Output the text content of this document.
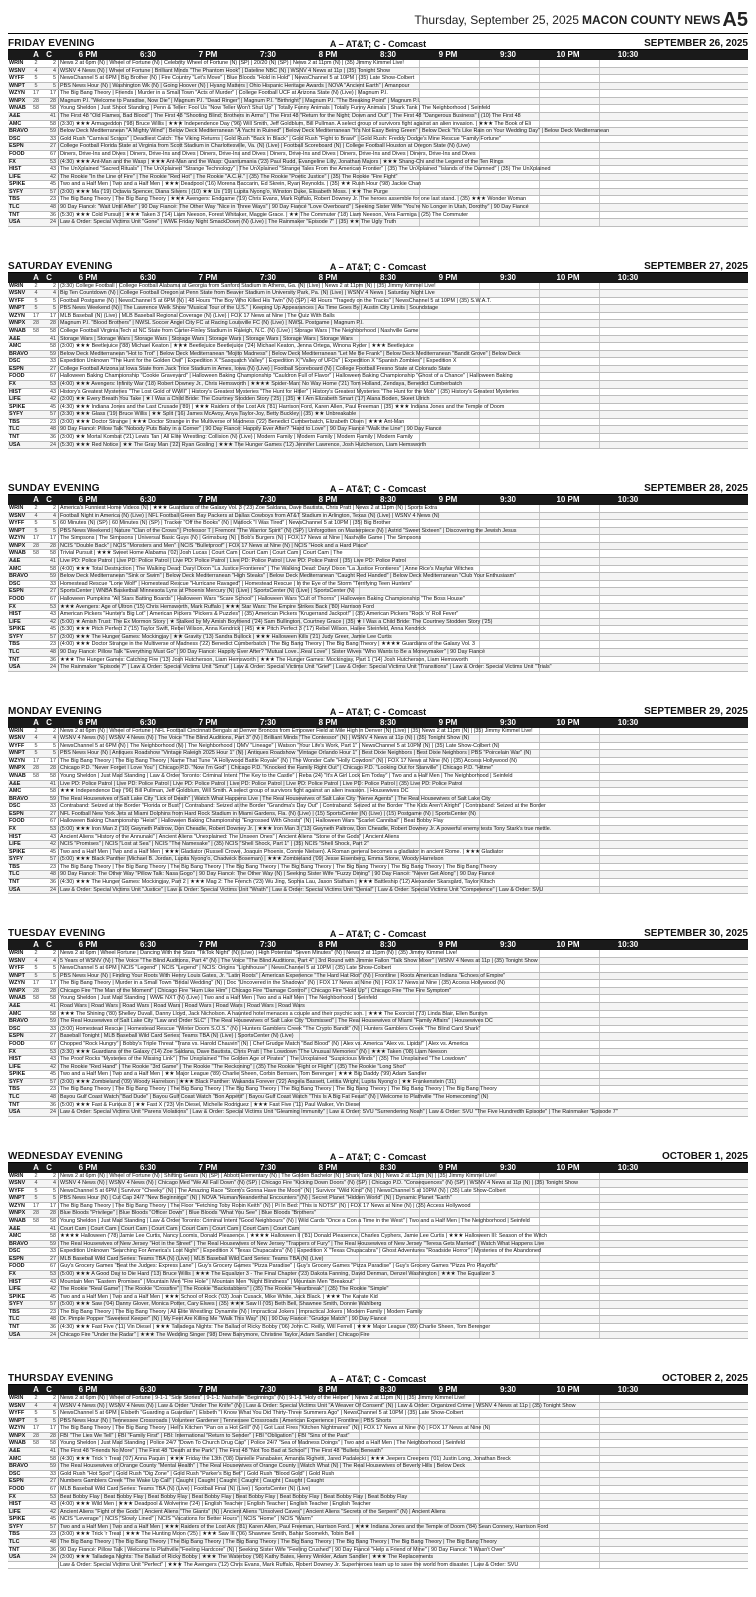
Thursday, September 25, 2025 MACON COUNTY NEWS A5
FRIDAY EVENING	A – AT&T; C - Comcast	SEPTEMBER 26, 2025
A C	6 PM	6:30	7 PM	7:30	8 PM	8:30	9 PM	9:30	10 PM	10:30
WRIN	2	2 News 2 at 6pm (N) | Wheel of Fortune (N) | Celebrity Wheel of Fortune (N) (SP) | 20/20 (N) (SP) | News 2 at 11pm (N) | (35) Jimmy Kimmel Live!
WSNV	4	4 WSNV 4 News (N) | Wheel of Fortune | Brilliant Minds "The Phantom Hook" | Dateline NBC (N) | WSNV 4 News at 11p | (35) Tonight Show
WYFF	5	5 NewsChannel 5 at 6PM | Big Brother (N) | Fire Country "Let's Move" | Blue Bloods "Hold in Hold" | NewsChannel 5 at 10PM | (35) Late Show-Colbert
WNPT	5	5 PBS News Hour (N) | Washington Wk (N) | Going Hoover (N) | Hyang Matters | Ohio Hispanic Heritage Awards | NOVA "Ancient Earth" | Amanpour
WZYN	17	17 The Big Bang Theory | Friends | Murder in a Small Town "Acts of Murder" | College Football UCF at Arizona State (N) (Live) | Magnum P.I.
WNPX	28	28 Magnum P.I. "Welcome to Paradise, Now Die" | Magnum P.I. "Dead Ringer" | Magnum P.I. "Birthright" | Magnum P.I. "The Breaking Point" | Magnum P.I.
WNAB	58	58 Young Sheldon | Just Shoot Standing | Penn & Teller: Fool Us "Now Teller Won't Shut Up" | Totally Funny Animals | Totally Funny Animals | Shark Tank | The Neighborhood | Seinfeld
A&E	41 The First 48 "Old Flames, Bad Blood" | The First 48 "Shooting Blind; Brothers in Arms" | The First 48 "Return for the Night; Down and Out" | The First 48 "Dangerous Business" | (10) The First 48
AMC	58 (3:30) ★★★ Armageddon ('98) Bruce Willis | ★★★ Independence Day ('96) Will Smith, Jeff Goldblum, Bill Pullman. A select group of survivors fight against an alien invasion. | ★★★ The Book of Eli
BRAVO	59 Below Deck Mediterranean "A Mighty Wind" | Below Deck Mediterranean "A Yacht in Ruined" | Below Deck Mediterranean "It's Not Easy Being Green" | Below Deck "It's Like Rain on Your Wedding Day" | Below Deck Mediterranean
DSC	33 Gold Rush "Carnival Scraps" | Deadliest Catch: The Viking Returns | Gold Rush "Back In Black" | Gold Rush "Fight to Brawl" | Gold Rush: Freddy Dodge's Mine Rescue "Family Fortune"
ESPN	27 College Football Florida State at Virginia from Scott Stadium in Charlottesville, Va. (N) (Live) | Football Scoreboard (N) | College Football Houston at Oregon State (N) (Live)
FOOD	67 Diners, Drive-Ins and Dives | Diners, Drive-Ins and Dives | Diners, Drive-Ins and Dives | Diners, Drive-Ins and Dives | Diners, Drive-Ins and Dives | Diners, Drive-Ins and Dives
FX	53 (4:30) ★★★ Ant-Man and the Wasp | ★★★ Ant-Man and the Wasp: Quantumania ('23) Paul Rudd, Evangeline Lilly, Jonathan Majors | ★★★ Shang-Chi and the Legend of the Ten Rings
HIST	43 The UnXplained "Sacred Rituals" | The UnXplained "Strange Technology" | The UnXplained "Strange Tales From the American Frontier" | (35) The UnXplained "Islands of the Damned" | (35) The UnXplained
LIFE	42 The Rookie "In the Line of Fire" | The Rookie "Red Hot" | The Rookie "A.C.H." | (35) The Rookie "Poetic Justice" | (35) The Rookie "Fire Fight"
SPIKE	45 Two and a Half Men | Two and a Half Men | ★★★ Deadpool ('16) Morena Baccarin, Ed Skrein, Ryan Reynolds. | (35) ★★ Rush Hour ('98) Jackie Chan
SYFY	57 (3:00) ★★★ Ma ('19) Octavia Spencer, Diana Silvers | (10) ★★ Us ('19) Lupita Nyong'o, Winston Duke, Elisabeth Moss. | ★★ The Purge
TBS	23 The Big Bang Theory | The Big Bang Theory | ★★★ Avengers: Endgame ('19) Chris Evans, Mark Ruffalo, Robert Downey Jr. The heroes assemble for one last stand. | (35) ★★★ Wonder Woman
TLC	48 90 Day Fiancé: "Wait Until After" | 90 Day Fiancé: The Other Way "Nice in Three Ways" | 90 Day Fiancé "Love Overboard" | Seeking Sister Wife "You're No Longer in Utah, Dorothy" | 90 Day Fiancé
TNT	36 (5:30) ★★★ Cold Pursuit | ★★★ Taken 3 ('14) Liam Neeson, Forest Whitaker, Maggie Grace. | ★★ The Commuter ('18) Liam Neeson, Vera Farmiga | (25) The Commuter
USA	24 Law & Order: Special Victims Unit "Gone" | WWE Friday Night SmackDown (N) (Live) | The Rainmaker "Episode 7" | (35) ★★ The Ugly Truth
SATURDAY EVENING	A – AT&T; C - Comcast	SEPTEMBER 27, 2025
A C	6 PM	6:30	7 PM	7:30	8 PM	8:30	9 PM	9:30	10 PM	10:30
WRIN	2	2 (3:30) College Football | College Football Alabama at Georgia from Sanford Stadium in Athens, Ga. (N) (Live) | News 2 at 11pm (N) | (35) Jimmy Kimmel Live!
WSNV	4	4 Big Ten Countdown (N) | College Football Oregon at Penn State from Beaver Stadium in University Park, Pa. (N) (Live) | WSNV 4 News | Saturday Night Live
WYFF	5	5 Football Postgame (N) | NewsChannel 5 at 6PM (N) | 48 Hours "The Boy Who Killed His Twin" (N) (SP) | 48 Hours "Tragedy on the Tracks" | NewsChannel 5 at 10PM | (35) S.W.A.T.
WNPT	5	5 PBS News Weekend (N) | The Lawrence Welk Show "Musical Tour of the U.S." | Keeping Up Appearances | As Time Goes By | Austin City Limits | Soundstage
WZYN	17	17 MLB Baseball (N) (Live) | MLB Baseball Regional Coverage (N) (Live) | FOX 17 News at Nine | The Quiz With Balls
WNPX	28	28 Magnum P.I. "Blood Brothers" | NWSL Soccer Angel City FC at Racing Louisville FC (N) (Live) | NWSL Postgame | Magnum P.I.
WNAB	58	58 College Football Virginia Tech at NC State from Carter-Finley Stadium in Raleigh, N.C. (N) (Live) | Storage Wars | The Neighborhood | Nashville Game
A&E	41 Storage Wars | Storage Wars | Storage Wars | Storage Wars | Storage Wars | Storage Wars | Storage Wars | Storage Wars
AMC	58 (3:00) ★★★ Beetlejuice ('88) Michael Keaton | ★★★ Beetlejuice Beetlejuice ('24) Michael Keaton, Jenna Ortega, Winona Ryder | ★★★ Beetlejuice
BRAVO	59 Below Deck Mediterranean "Hot to Trot" | Below Deck Mediterranean "Mojito Madness" | Below Deck Mediterranean "Let Me Be Frank" | Below Deck Mediterranean "Bandit Grove" | Below Deck
DSC	33 Expedition Unknown "The Hunt for the Golden Owl" | Expedition X "Sasquatch Valley" | Expedition X "Valley of UFOs" | Expedition X "Spanish Zombies" | Expedition X
ESPN	27 College Football Arizona at Iowa State from Jack Trice Stadium in Ames, Iowa (N) (Live) | Football Scoreboard (N) | College Football Fresno State at Colorado State
FOOD	67 Halloween Baking Championship "Cookie Graveyard" | Halloween Baking Championship "Cauldron Full of Flavor" | Halloween Baking Championship "Ghost of a Chance" | Halloween Baking
FX	53 (4:00) ★★★ Avengers: Infinity War ('18) Robert Downey Jr., Chris Hemsworth | ★★★★ Spider-Man: No Way Home ('21) Tom Holland, Zendaya, Benedict Cumberbatch
HIST	43 History's Greatest Mysteries "The Lost Gold of WWII" | History's Greatest Mysteries "The Hunt for Hitler" | History's Greatest Mysteries "The Hunt for the Mob" | (35) History's Greatest Mysteries
LIFE	42 (3:00) ★★ Every Breath You Take | ★ I Was a Child Bride: The Courtney Stodden Story ('25) | (35) ★ I Am Elizabeth Smart ('17) Alana Boden, Skeet Ulrich
SPIKE	45 (4:30) ★★★ Indiana Jones and the Last Crusade ('89) | ★★★ Raiders of the Lost Ark ('81) Harrison Ford, Karen Allen, Paul Freeman | (35) ★★★ Indiana Jones and the Temple of Doom
SYFY	57 (3:30) ★★★ Glass ('19) Bruce Willis | ★★ Split ('16) James McAvoy, Anya Taylor-Joy, Betty Buckley | (35) ★★ Unbreakable
TBS	23 (3:00) ★★★ Doctor Strange | ★★★ Doctor Strange in the Multiverse of Madness ('22) Benedict Cumberbatch, Elizabeth Olsen | ★★★ Ant-Man
TLC	48 90 Day Fiancé: Pillow Talk "Nobody Puts Baby in a Corner" | 90 Day Fiancé: Happily Ever After? "Hard to Love" | 90 Day Fiancé "Walk the Line" | 90 Day Fiancé
TNT	36 (3:00) ★★ Mortal Kombat ('21) Lewis Tan | All Elite Wrestling: Collision (N) (Live) | Modern Family | Modern Family | Modern Family | Modern Family
USA	24 (5:30) ★★★ Red Notice | ★★ The Gray Man ('22) Ryan Gosling | ★★★ The Hunger Games ('12) Jennifer Lawrence, Josh Hutcherson, Liam Hemsworth
SUNDAY EVENING	A – AT&T; C - Comcast	SEPTEMBER 28, 2025
A C	6 PM	6:30	7 PM	7:30	8 PM	8:30	9 PM	9:30	10 PM	10:30
WRIN	2	2 America's Funniest Home Videos (N) | ★★★ Guardians of the Galaxy Vol. 3 ('23) Zoe Saldana, Dave Bautista, Chris Pratt | News 2 at 11pm (N) | Sports Extra
WSNV	4	4 Football Night in America (N) (Live) | NFL Football Green Bay Packers at Dallas Cowboys from AT&T Stadium in Arlington, Texas (N) (Live) | WSNV 4 News (N)
WYFF	5	5 60 Minutes (N) (SP) | 60 Minutes (N) (SP) | Tracker "Off the Books" (N) | Matlock "I Was Tired" | NewsChannel 5 at 10PM | (35) Big Brother
WNPT	5	5 PBS News Weekend | Nature "Clan of the Crows" | Professor T | Fremont "The Warrior Spirit" (N) (SP) | Unforgotten on Masterpiece (N) | Astrid "Sweet Sixteen" | Discovering the Jewish Jesus
WZYN	17	17 The Simpsons | The Simpsons | Universal Basic Guys (N) | Grimsburg (N) | Bob's Burgers (N) | FOX 17 News at Nine | Nashville Game | The Simpsons
WNPX	28	28 NCIS "Double Back" | NCIS "Monsters and Men" | NCIS "Bulletproof" | FOX 17 News at Nine (N) | NCIS "Hook and a Hard Place"
WNAB	58	58 Trivial Pursuit | ★★★ Sweet Home Alabama ('02) Josh Lucas | Court Cam | Court Cam | Court Cam | Court Cam | The
A&E	41 Live PD: Police Patrol | Live PD: Police Patrol | Live PD: Police Patrol | Live PD: Police Patrol | Live PD: Police Patrol | (35) Live PD: Police Patrol
AMC	58 (4:00) ★★★ Total Destruction | The Walking Dead: Daryl Dixon "La Justice Frontieres" | The Walking Dead: Daryl Dixon "La Justice Frontieres" | Anne Rice's Mayfair Witches
BRAVO	59 Below Deck Mediterranean "Sink or Swim" | Below Deck Mediterranean "High Steaks" | Below Deck Mediterranean "Caught Red Handed" | Below Deck Mediterranean "Club Your Enthusiasm"
DSC	33 Homestead Rescue "Lone Wolf" | Homestead Rescue "Hurricane Ravaged" | Homestead Rescue | In the Eye of the Storm "Terrifying Teen Hunters"
ESPN	27 SportsCenter | WNBA Basketball Minnesota Lynx at Phoenix Mercury (N) (Live) | SportsCenter (N) (Live) | SportsCenter (N)
FOOD	67 Halloween Pumpkins "All Stars Batting Boards" | Halloween Wars "Scare School" | Halloween Wars "Cult of Thorns" | Halloween Baking Championship "The Boss House"
FX	53 ★★★ Avengers: Age of Ultron ('15) Chris Hemsworth, Mark Ruffalo | ★★★ Star Wars: The Empire Strikes Back ('80) Harrison Ford
HIST	43 American Pickers "Hunter's Big Lot" | American Pickers "Pickers & Puzzles" | (35) American Pickers "Krugerrand Jackpot!" | (35) American Pickers "Rock 'n' Roll Fever"
LIFE	42 (5:00) ★ Amish Trust: The Ex Mormon Story | ★ Stalked by My Amish Boyfriend ('24) Sam Bullington, Courtney Grace | (35) ★ I Was a Child Bride: The Courtney Stodden Story ('25)
SPIKE	45 (5:30) ★★★ Pitch Perfect 2 ('15) Taylor Swift, Rebel Wilson, Anna Kendrick | (45) ★★ Pitch Perfect 3 ('17) Rebel Wilson, Hailee Steinfeld, Anna Kendrick
SYFY	57 (3:00) ★★★ The Hunger Games: Mockingjay | ★★ Gravity ('13) Sandra Bullock | ★★★ Halloween Kills ('21) Judy Greer, Jamie Lee Curtis
TBS	23 (4:00) ★★★ Doctor Strange in the Multiverse of Madness ('22) Benedict Cumberbatch | The Big Bang Theory | The Big Bang Theory | ★★★★ Guardians of the Galaxy Vol. 3
TLC	48 90 Day Fiancé: Pillow Talk "Everything Must Go" | 90 Day Fiancé: Happily Ever After? "Mutual Love...Real Love" | Sister Wives "Who Wants to Be a Moneymaker" | 90 Day Fiancé
TNT	36 ★★★ The Hunger Games: Catching Fire ('13) Josh Hutcherson, Liam Hemsworth | ★★★ The Hunger Games: Mockingjay, Part 1 ('14) Josh Hutcherson, Liam Hemsworth
USA	24 The Rainmaker "Episode 7" | Law & Order: Special Victims Unit "Smut" | Law & Order: Special Victims Unit "Grief" | Law & Order: Special Victims Unit "Transitions" | Law & Order: Special Victims Unit "Trials"
MONDAY EVENING	A – AT&T; C - Comcast	SEPTEMBER 29, 2025
A C	6 PM	6:30	7 PM	7:30	8 PM	8:30	9 PM	9:30	10 PM	10:30
WRIN	2	2 News 2 at 6pm (N) | Wheel of Fortune | NFL Football Cincinnati Bengals at Denver Broncos from Empower Field at Mile High in Denver (N) (Live) | (35) News 2 at 11pm (N) | (35) Jimmy Kimmel Live!
WSNV	4	4 WSNV 4 News (N) | WSNV 4 News (N) | The Voice "The Blind Auditions, Part 3" (N) | Brilliant Minds "The Contessor" (N) | WSNV 4 News at 11p (N) | (35) Tonight Show (N)
WYFF	5	5 NewsChannel 5 at 6PM (N) | The Neighborhood (N) | The Neighborhood | DMV "Lineage" | Watson "Your Life's Work, Part 1" | NewsChannel 5 at 10PM (N) | (35) Late Show-Colbert (N)
WNPT	5	5 PBS News Hour (N) | Antiques Roadshow "Vintage Raleigh 2025 Hour 1" (N) | Antiques Roadshow "Vintage Orlando Hour 1" | Best Dixie Neighbors | Best Dixie Neighbors | PBS "Poircelain War" (N)
WZYN	17	17 The Big Bang Theory | The Big Bang Theory | Name That Tune "A Hollywood Battle Royale" (N) | The Wonder Cafe "Holly Cowdoni" (N) | FOX 17 News at Nine (N) | (35) Access Hollywood (N)
WNPX	28	28 Chicago P.D. "Never Forget I Love You" | Chicago P.D. "Now I'm God" | Chicago P.D. "Knocked the Family Right Out" | Chicago P.D. "Looking Out for Stanville" | Chicago P.D. "Hitme"
WNAB	58	58 Young Sheldon | Just Mad Standing | Law & Order Toronto: Criminal Intent "The Key to the Castle" | Reba (24) "It's A Girl Lock Em Today" | Two and a Half Men | The Neighborhood | Seinfeld
A&E	41 Live PD: Police Patrol | Live PD: Police Patrol | Live PD: Police Patrol | Live PD: Police Patrol | Live PD: Police Patrol | Live PD: Police Patrol | (35) Live PD: Police Patrol
AMC	58 ★★★ Independence Day ('96) Bill Pullman, Jeff Goldblum, Will Smith. A select group of survivors fight against an alien invasion. | Housewives DC
BRAVO	59 The Real Housewives of Salt Lake City "Lick of Death" | Watch What Happens Live | The Real Housewives of Salt Lake City "Nerve Agents" | The Real Housewives of Salt Lake City
DSC	33 Contraband: Seized at the Border "Florida or Bust" | Contraband: Seized at the Border "Grandma's Day Out" | Contraband: Seized at the Border "The Kids Aren't Alright" | Contraband: Seized at the Border
ESPN	27 NFL Football New York Jets at Miami Dolphins from Hard Rock Stadium in Miami Gardens, Fla. (N) (Live) | (15) SportsCenter (N) (Live) | (15) Postgame (N) | SportsCenter (N)
FOOD	67 Halloween Baking Championship "Heist" | Halloween Baking Championship "Engrossed With Ghosts" (N) | Halloween Wars "Scarlet Cannibal" | Beat Bobby Flay
FX	53 (5:00) ★★★ Iron Man 2 ('10) Gwyneth Paltrow, Don Cheadle, Robert Downey Jr. | ★★★ Iron Man 3 ('13) Gwyneth Paltrow, Don Cheadle, Robert Downey Jr. A powerful enemy tests Tony Stark's true mettle.
HIST	43 Ancient Aliens "History of the Annunaki" | Ancient Aliens "Unexplained: The Unseen Ones" | Ancient Aliens "Stone of the Gods" | Ancient Aliens
LIFE	42 NCIS "Promises" | NCIS "Lost at Sea" | NCIS "The Namesake" | (35) NCIS "Shell Shock, Part 1" | (35) NCIS "Shell Shock, Part 2"
SPIKE	45 Two and a Half Men | Two and a Half Men | ★★★ Gladiator (Russell Crowe, Joaquin Phoenix, Connie Nielsen). A Roman general becomes a gladiator in ancient Rome. | ★★★ Gladiator
SYFY	57 (5:00) ★★★ Black Panther (Michael B. Jordan, Lupita Nyong'o, Chadwick Boseman) | ★★★ Zombieland ('09) Jesse Eisenberg, Emma Stone, Woody Harrelson
TBS	23 The Big Bang Theory | The Big Bang Theory | The Big Bang Theory | The Big Bang Theory | The Big Bang Theory | The Big Bang Theory | The Big Bang Theory | The Big Bang Theory
TLC	48 90 Day Fiancé: The Other Way "Pillow Talk: Nasa Gogo" | 90 Day Fiancé: The Other Way (N) | Seeking Sister Wife "Fuzzy Dining" | 90 Day Fiancé: "Never Get Along" | 90 Day Fiancé
TNT	36 (4:30) ★★★ The Hunger Games: Mockingjay, Part 2 | ★★★ Mag 2: The French ('23) Wu Jing, Sophia Lau, Jason Statham | ★★★ Battleship ('12) Alexander Skarsgård, Taylor Kitsch
USA	24 Law & Order: Special Victims Unit "Justice" | Law & Order: Special Victims Unit "Wrath" | Law & Order: Special Victims Unit "Denial" | Law & Order: Special Victims Unit "Competence" | Law & Order: SVU
TUESDAY EVENING	A – AT&T; C - Comcast	SEPTEMBER 30, 2025
A C	6 PM	6:30	7 PM	7:30	8 PM	8:30	9 PM	9:30	10 PM	10:30
WRIN	2	2 News 2 at 6pm | Wheel Fortune | Dancing With the Stars "TikTok Night" (N) (Live) | High Potential "Seven Minutes" (N) | News 2 at 11pm (N) | (35) Jimmy Kimmel Live!
WSNV	4	4 5 Years of WSNV (N) | The Voice "The Blind Auditions, Part 4" (N) | The Voice "The Blind Auditions, Part 4" | 3rd Round with Jimmie Fallon "Talk Show Mixer" | WSNV 4 News at 11p | (35) Tonight Show
WYFF	5	5 NewsChannel 5 at 6PM | NCIS "Legend" | NCIS "Legend" | NCIS: Origins "Lighthouse" | NewsChannel 5 at 10PM | (35) Late Show-Colbert
WNPT	5	5 PBS News Hour (N) | Finding Your Roots With Henry Louis Gates, Jr. "Latin Roots" | American Experience "The Hard Hat Riot" (N) | Frontline | Roots American Indians "Echoes of Empire"
WZYN	17	17 The Big Bang Theory | Murder in a Small Town "Bridal Wedding" (N) | Doc "Uncovered in the Shadows" (N) | FOX 17 News at Nine (N) | FOX 17 News at Nine | (35) Access Hollywood (N)
WNPX	28	28 Chicago Fire "The Man of the Moment" | Chicago Fire "Hum Like Him" | Chicago Fire "Damage Control" | Chicago Fire "Hold Up" | Chicago Fire "The Fire Symptom"
WNAB	58	58 Young Sheldon | Just Mad Standing | WWE NXT (N) (Live) | Two and a Half Men | Two and a Half Men | The Neighborhood | Seinfeld
A&E	41 Road Wars | Road Wars | Road Wars | Road Wars | Road Wars | Road Wars | Road Wars | Road Wars
AMC	58 ★★★ The Shining ('80) Shelley Duvall, Danny Lloyd, Jack Nicholson. A haunted hotel menaces a couple and their psychic son. | ★★★ The Exorcist ('73) Linda Blair, Ellen Burstyn
BRAVO	59 The Real Housewives of Salt Lake City "Law and Order SLC" | The Real Housewives of Salt Lake City "Dismissed" | The Real Housewives of Miami "Family Affairs" | Housewives DC
DSC	33 (3:00) Homestead Rescue | Homestead Rescue "Winter Doom S.O.S." (N) | Hunters Gamblers Creek "The Crypto Bandit" (N) | Hunters Gamblers Creek "The Blind Card Shark"
ESPN	27 Baseball Tonight | MLB Baseball Wild Card Series: Teams TBA (N) (Live) | SportsCenter (N) (Live)
FOOD	67 Chopped "Rock Hungry" | Bobby's Triple Threat "Trans vs. Harold Chauvin" (N) | Chef Grudge Match "Bad Blood" (N) | Alex vs. America "Alex vs. Lipids!" | Alex vs. America
FX	53 (3:30) ★★★ Guardians of the Galaxy ('14) Zoe Saldana, Dave Bautista, Chris Pratt | The Lowdown "The Unusual Memories" (N) | ★★★ Taken ('08) Liam Neeson
HIST	43 The Proof Rocks "Mysteries of the Missing Link" | The Unxplained "The Golden Age of Pirates" | The Unxplained "Suspicious Minds" | (35) The Unxplained "The Lowdown"
LIFE	42 The Rookie "Red Hand" | The Rookie "3rd Game" | The Rookie "The Reckoning" | (35) The Rookie "Fight or Flight" | (35) The Rookie "Long Shot"
SPIKE	45 Two and a Half Men | Two and a Half Men | ★★ Major League ('89) Charlie Sheen, Corbin Bernsen, Tom Berenger | ★★★ Big Daddy ('99) Adam Sandler
SYFY	57 (3:00) ★★★ Zombieland ('09) Woody Harrelson | ★★★ Black Panther: Wakanda Forever ('22) Angela Bassett, Letitia Wright, Lupita Nyong'o | ★★ Frankenstein ('31)
TBS	23 The Big Bang Theory | The Big Bang Theory | The Big Bang Theory | The Big Bang Theory | The Big Bang Theory | The Big Bang Theory | The Big Bang Theory | The Big Bang Theory
TLC	48 Bayou Gulf Coast Watch "Bad Dude" | Bayou Gulf Coast Watch "Bon Appétit" | Bayou Gulf Coast Watch "This Is A Big Fat Feast" (N) | Welcome to Plathville "The Homecoming" (N)
TNT	36 (5:00) ★★★ Fast & Furious 8 | ★★ Fast X ('23) Vin Diesel, Michelle Rodriguez | ★★★ Fast Five ('11) Paul Walker, Vin Diesel
USA	24 Law & Order: Special Victims Unit "Parens Violations" | Law & Order: Special Victims Unit "Gleaming Immunity" | Law & Order: SVU "Surrendering Noah" | Law & Order: SVU "The Five Hundredth Episode" | The Rainmaker "Episode 7"
WEDNESDAY EVENING	A – AT&T; C - Comcast	OCTOBER 1, 2025
A C	6 PM	6:30	7 PM	7:30	8 PM	8:30	9 PM	9:30	10 PM	10:30
WRIN	2	2 News 2 at 6pm (N) | Wheel of Fortune (N) | Shifting Gears (N) (SP) | Abbott Elementary (N) | The Golden Bachelor (N) | Shark Tank (N) | News 2 at 11pm (N) | (35) Jimmy Kimmel Live!
WSNV	4	4 WSNV 4 News (N) | WSNV 4 News (N) | Chicago Med "We All Fall Down" (N) (SP) | Chicago Fire "Kicking Down Doors" (N) (SP) | Chicago P.D. "Consequences" (N) (SP) | WSNV 4 News at 11p (N) | (35) Tonight Show
WYFF	5	5 NewsChannel 5 at 6PM | Survivor "Cheeky" (N) | The Amazing Race "Storm's Gonna Have the Moon" (N) | Survivor "Wild Kind" (N) | NewsChannel 5 at 10PM (N) | (35) Late Show-Colbert
WNPT	5	5 PBS News Hour (N) | Cut Cap 24/7 "New Beginnings" (N) | NOVA "Human/Neanderthal Encounters" (N) | Secret Planet "Hidden World" (N) | Dynamic Planet "Earth"
WZYN	17	17 The Big Bang Theory | The Big Bang Theory | The Floor "Fetching Toby Robin Keith" (N) | Pi In Bed: "This is NOTS!" (N) | FOX 17 News at Nine (N) | (35) Access Hollywood
WNPX	28	28 Blue Bloods "Privilege" | Blue Bloods "Officer Down" | Blue Bloods "What You See" | Blue Bloods "Brothers"
WNAB	58	58 Young Sheldon | Just Mad Standing | Law & Order Toronto: Criminal Intent "Good Neighbours" (N) | Wild Cards "Once a Con a Time in the West" | Two and a Half Men | The Neighborhood | Seinfeld
A&E	41 Court Cam | Court Cam | Court Cam | Court Cam | Court Cam | Court Cam | Court Cam | Court Cam
AMC	58 ★★★★ Halloween ('78) Jamie Lee Curtis, Nancy Loomis, Donald Pleasence. | ★★★★ Halloween II ('81) Donald Pleasence, Charles Cyphers, Jamie Lee Curtis | ★★★ Halloween III: Season of the Witch
BRAVO	59 The Real Housewives of New Jersey "Hot in the Street" | The Real Housewives of New Jersey "Trappers of Fury" | The Real Housewives of New Jersey "Teresa Gets Married" | Watch What Happens Live
DSC	33 Expedition Unknown "Searching For America's Lost Night" | Expedition X "Texas Chupacabra" (N) | Expedition X "Texas Chupacabra" | Ghost Adventures "Roadside Horror" | Mysteries of the Abandoned
ESPN	27 MLB Baseball Wild Card Series: Teams TBA (N) (Live) | MLB Baseball Wild Card Series: Teams TBA (N) (Live)
FOOD	67 Guy's Grocery Games "Beat the Judges: Express Lane" | Guy's Grocery Games "Pizza Paradise" | Guy's Grocery Games "Pizza Paradise" | Guy's Grocery Games "Pizza Pro Playoffs"
FX	53 (5:00) ★★★ A Good Day to Die Hard ('13) Bruce Willis | ★★★ The Equalizer 3 - The Final Chapter ('23) Dakota Fanning, David Denman, Denzel Washington | ★★★ The Equalizer 3
HIST	43 Mountain Men "Eastern Promises" | Mountain Men "Fire Hole" | Mountain Men "Night Blindness" | Mountain Men "Breakout"
LIFE	42 The Rookie "Real Game" | The Rookie "Crossfire" | The Rookie "Backstabbers" | (35) The Rookie "Heartbreak" | (35) The Rookie "Simple"
SPIKE	45 Two and a Half Men | Two and a Half Men | ★★★ School of Rock ('03) Joan Cusack, Mike White, Jack Black. | ★★★ The Karate Kid
SYFY	57 (5:00) ★★★ Saw ('04) Danny Glover, Monica Potter, Cary Elwes | (35) ★★★ Saw II ('05) Beth Bell, Shawnee Smith, Donnie Wahlberg
TBS	23 The Big Bang Theory | The Big Bang Theory | All Elite Wrestling: Dynamite (N) | Impractical Jokers | Impractical Jokers | Modern Family | Modern Family
TLC	48 Dr. Pimple Popper "Sweetest Keeper" (N) | My Feet Are Killing Me "Walk This Way" (N) | 90 Day Fiancé: "Grudge Match" | 90 Day Fiancé
TNT	36 (4:30) ★★★ Fast Five ('11) Vin Diesel | ★★★ Talladega Nights: The Ballad of Ricky Bobby ('06) John C. Reilly, Will Ferrell | ★★★ Major League ('89) Charlie Sheen, Tom Berenger
USA	24 Chicago Fire "Under the Radar" | ★★★ The Wedding Singer ('98) Drew Barrymore, Christine Taylor, Adam Sandler | Chicago Fire
THURSDAY EVENING	A – AT&T; C - Comcast	OCTOBER 2, 2025
A C	6 PM	6:30	7 PM	7:30	8 PM	8:30	9 PM	9:30	10 PM	10:30
WRIN	2	2 News 2 at 6pm (N) | Wheel of Fortune | 9-1-1 "Side Stories" | 9-1-1: Nashville "Beginnings" (N) | 9-1-1 "Holy of the Helper" | News 2 at 11pm (N) | (35) Jimmy Kimmel Live!
WSNV	4	4 WSNV 4 News (N) | WSNV 4 News (N) | Law & Order "Under The Knife" (N) | Law & Order: Special Victims Unit "A Weaver Of Consent" (N) | Law & Order: Organized Crime | WSNV 4 News at 11p | (35) Tonight Show
WYFF	5	5 NewsChannel 5 at 6PM | Elsbeth "Guarding a Guardian" | Elsbeth "I Know What You Did Thirty-Three Summers Ago" | NewsChannel 5 at 10PM | (35) Late Show-Colbert
WNPT	5	5 PBS News Hour (N) | Tennessee Crossroads | Volunteer Gardener | Tennessee Crossroads | American Experience | Frontline | PBS Shorts
WZYN	17	17 The Big Bang Theory | The Big Bang Theory | Hell's Kitchen "Pan on a Hot Grill" (N) | Got Last Fires "Kitchen Nightmares" (N) | FOX 17 News at Nine (N) | FOX 17 News at Nine (N)
WNPX	28	28 FBI "The Lies We Tell" | FBI "Family First" | FBI: International "Return to Sender" | FBI "Obligation" | FBI "Sins of the Past"
WNAB	58	58 Young Sheldon | Just Mad Standing | Police 24/7 "Down To Church Drug Cap" | Police 24/7 "Sea of Madness Doings" | Two and a Half Men | The Neighborhood | Seinfeld
A&E	41 The First 48 "Friends No More" | The First 48 "Death at the Park" | The First 48 "Not Too Bad at School" | The First 48 "Bullets Beneath"
AMC	58 (4:30) ★★★ Trick 'r Treat ('07) Anna Paquin | ★★★ Friday the 13th ('08) Danielle Panabaker, Amanda Righetti, Jared Padalecki | ★★★ Jeepers Creepers ('01) Justin Long, Jonathan Breck
BRAVO	59 The Real Housewives of Orange County "Mental Health" | The Real Housewives of Orange County | Watch What (N) | The Real Housewives of Beverly Hills | Below Deck
DSC	33 Gold Rush "Hot Spot" | Gold Rush "Dig Zone" | Gold Rush "Parker's Big Bet" | Gold Rush "Blood Gold" | Gold Rush
ESPN	27 Numbers Gamblers Creek "The Wake Up Call" | Caught | Caught | Caught | Caught | Caught | Caught | Caught
FOOD	67 MLB Baseball Wild Card Series: Teams TBA (N) (Live) | Football Final (N) (Live) | SportsCenter (N) (Live)
FX	53 Beat Bobby Flay | Beat Bobby Flay | Beat Bobby Flay | Beat Bobby Flay | Beat Bobby Flay | Beat Bobby Flay | Beat Bobby Flay | Beat Bobby Flay
HIST	43 (4:00) ★★★ Wild Men | ★★★ Deadpool & Wolverine ('24) | English Teacher | English Teacher | English Teacher | English Teacher
LIFE	42 Ancient Aliens "Fight of the Gods" | Ancient Aliens "The Giants" (N) | Ancient Aliens "Unsolved Caves" | Ancient Aliens "Secrets of the Serpent" (N) | Ancient Aliens
SPIKE	45 NCIS "Leverage" | NCIS "Slowly Lined" | NCIS "Vacations for Better Hours" | NCIS "Home" | NCIS "Warm"
SYFY	57 Two and a Half Men | Two and a Half Men | ★★★ Raiders of the Lost Ark ('81) Karen Allen, Paul Freeman, Harrison Ford. | ★★★ Indiana Jones and the Temple of Doom ('84) Sean Connery, Harrison Ford
TBS	23 (3:00) ★★★ Trick 'r Treat | ★★★ The Hunting Moon ('25) | ★★★ Saw III ('06) Shawnee Smith, Bahar Soomekh, Tobin Bell
TLC	48 The Big Bang Theory | The Big Bang Theory | The Big Bang Theory | The Big Bang Theory | The Big Bang Theory | The Big Bang Theory | The Big Bang Theory | The Big Bang Theory
TNT	36 90 Day Fiancé: Pillow Talk | Welcome to Plathville "Feeling Hardcore" (N) | Seeking Sister Wife "Feeling Crushed" | 90 Day Fiancé "Help a Friend of Mine" | 90 Day Fiancé: "I Wasn't Over"
USA	24 (3:00) ★★★ Talladega Nights: The Ballad of Ricky Bobby | ★★★ The Waterboy ('98) Kathy Bates, Henry Winkler, Adam Sandler | ★★★ The Replacements
Law & Order: Special Victims Unit "Perfect" | ★★★ The Avengers ('12) Chris Evans, Mark Ruffalo, Robert Downey Jr. Superheroes team up to save the world from disaster. | Law & Order: SVU
